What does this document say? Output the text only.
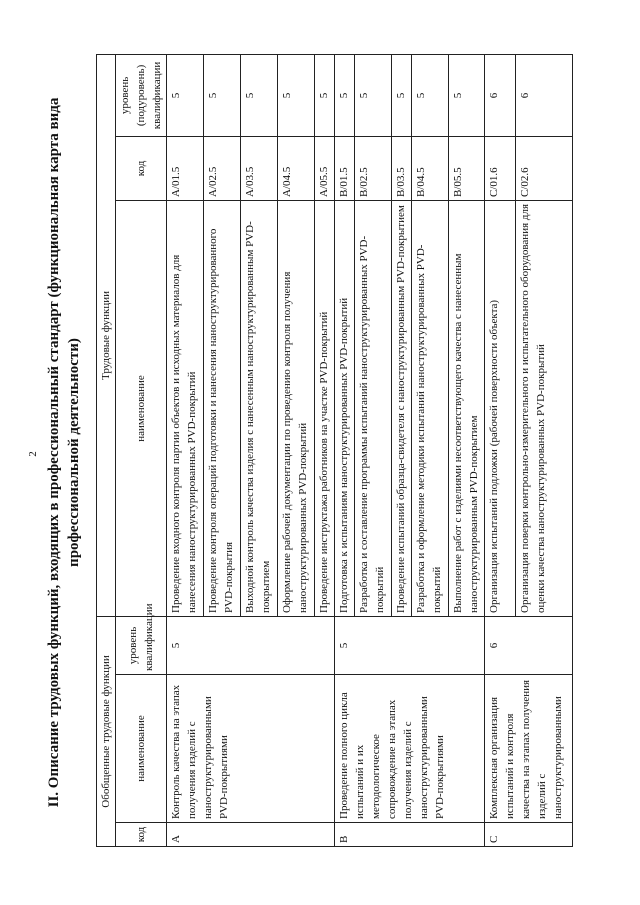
2 II. Описание трудовых функций, входящих в профессиональный стандарт (функциональная карта вида профессиональной деятельности)
Обобщенные трудовые функции			Трудовые функции		
код	наименование	уровень квалификации	наименование	код	уровень (подуровень) квалификации
A	Контроль качества на этапах получения изделий с наноструктурированными PVD-покрытиями	5	Проведение входного контроля партии объектов и исходных материалов для нанесения наноструктурированных PVD-покрытий	A/01.5	5
			Проведение контроля операций подготовки и нанесения наноструктурированного PVD-покрытия	A/02.5	5
			Выходной контроль качества изделия с нанесенным наноструктурированным PVD-покрытием	A/03.5	5
			Оформление рабочей документации по проведению контроля получения наноструктурированных PVD-покрытий	A/04.5	5
			Проведение инструктажа работников на участке PVD-покрытий	A/05.5	5
B	Проведение полного цикла испытаний и их методологическое сопровождение на этапах получения изделий с наноструктурированными PVD-покрытиями	5	Подготовка к испытаниям наноструктурированных PVD-покрытий	B/01.5	5
			Разработка и составление программы испытаний наноструктурированных PVD-покрытий	B/02.5	5
			Проведение испытаний образца-свидетеля с наноструктурированным PVD-покрытием	B/03.5	5
			Разработка и оформление методики испытаний наноструктурированных PVD-покрытий	B/04.5	5
			Выполнение работ с изделиями несоответствующего качества с нанесенным наноструктурированным PVD-покрытием	B/05.5	5
C	Комплексная организация испытаний и контроля качества на этапах получения изделий с наноструктурированными	6	Организация испытаний подложки (рабочей поверхности объекта)	C/01.6	6
			Организация поверки контрольно-измерительного и испытательного оборудования для оценки качества наноструктурированных PVD-покрытий	C/02.6	6
